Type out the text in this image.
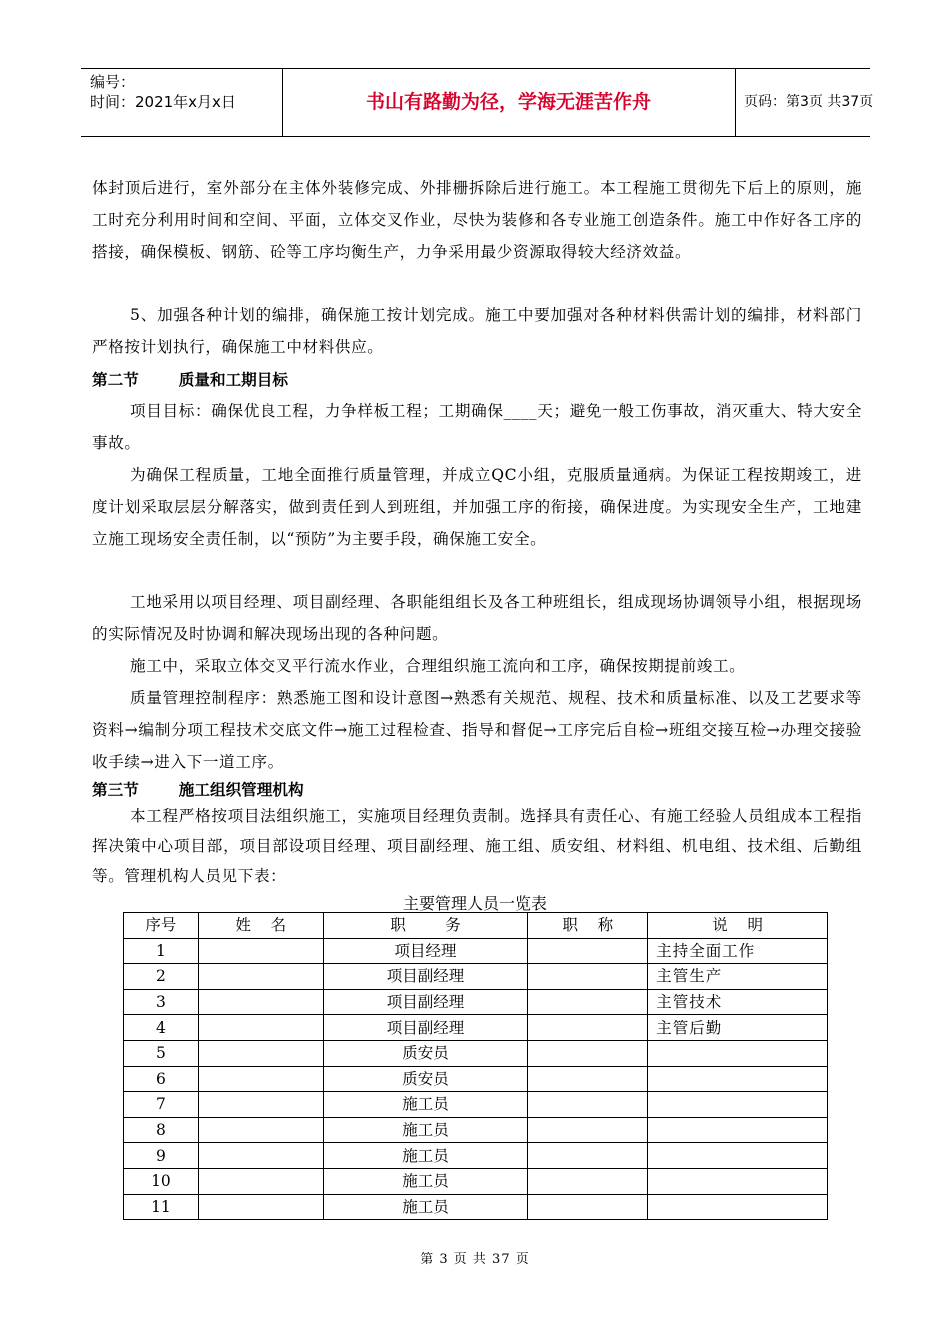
编号：
时间：2021年x月x日	书山有路勤为径，学海无涯苦作舟	页码：第3页 共37页

体封顶后进行，室外部分在主体外装修完成、外排栅拆除后进行施工。本工程施工贯彻先下后上的原则，施工时充分利用时间和空间、平面，立体交叉作业，尽快为装修和各专业施工创造条件。施工中作好各工序的搭接，确保模板、钢筋、砼等工序均衡生产，力争采用最少资源取得较大经济效益。

5、加强各种计划的编排，确保施工按计划完成。施工中要加强对各种材料供需计划的编排，材料部门严格按计划执行，确保施工中材料供应。

第二节	质量和工期目标

项目目标：确保优良工程，力争样板工程；工期确保____天；避免一般工伤事故，消灭重大、特大安全事故。

为确保工程质量，工地全面推行质量管理，并成立QC小组，克服质量通病。为保证工程按期竣工，进度计划采取层层分解落实，做到责任到人到班组，并加强工序的衔接，确保进度。为实现安全生产，工地建立施工现场安全责任制，以“预防”为主要手段，确保施工安全。

工地采用以项目经理、项目副经理、各职能组组长及各工种班组长，组成现场协调领导小组，根据现场的实际情况及时协调和解决现场出现的各种问题。

施工中，采取立体交叉平行流水作业，合理组织施工流向和工序，确保按期提前竣工。

质量管理控制程序：熟悉施工图和设计意图→熟悉有关规范、规程、技术和质量标准、以及工艺要求等资料→编制分项工程技术交底文件→施工过程检查、指导和督促→工序完后自检→班组交接互检→办理交接验收手续→进入下一道工序。

第三节	施工组织管理机构

本工程严格按项目法组织施工，实施项目经理负责制。选择具有责任心、有施工经验人员组成本工程指挥决策中心项目部，项目部设项目经理、项目副经理、施工组、质安组、材料组、机电组、技术组、后勤组等。管理机构人员见下表：

主要管理人员一览表
序号	姓    名	职        务	职    称	说    明
1		项目经理		主持全面工作
2		项目副经理		主管生产
3		项目副经理		主管技术
4		项目副经理		主管后勤
5		质安员		
6		质安员		
7		施工员		
8		施工员		
9		施工员		
10		施工员		
11		施工员		
第 3 页 共 37 页
